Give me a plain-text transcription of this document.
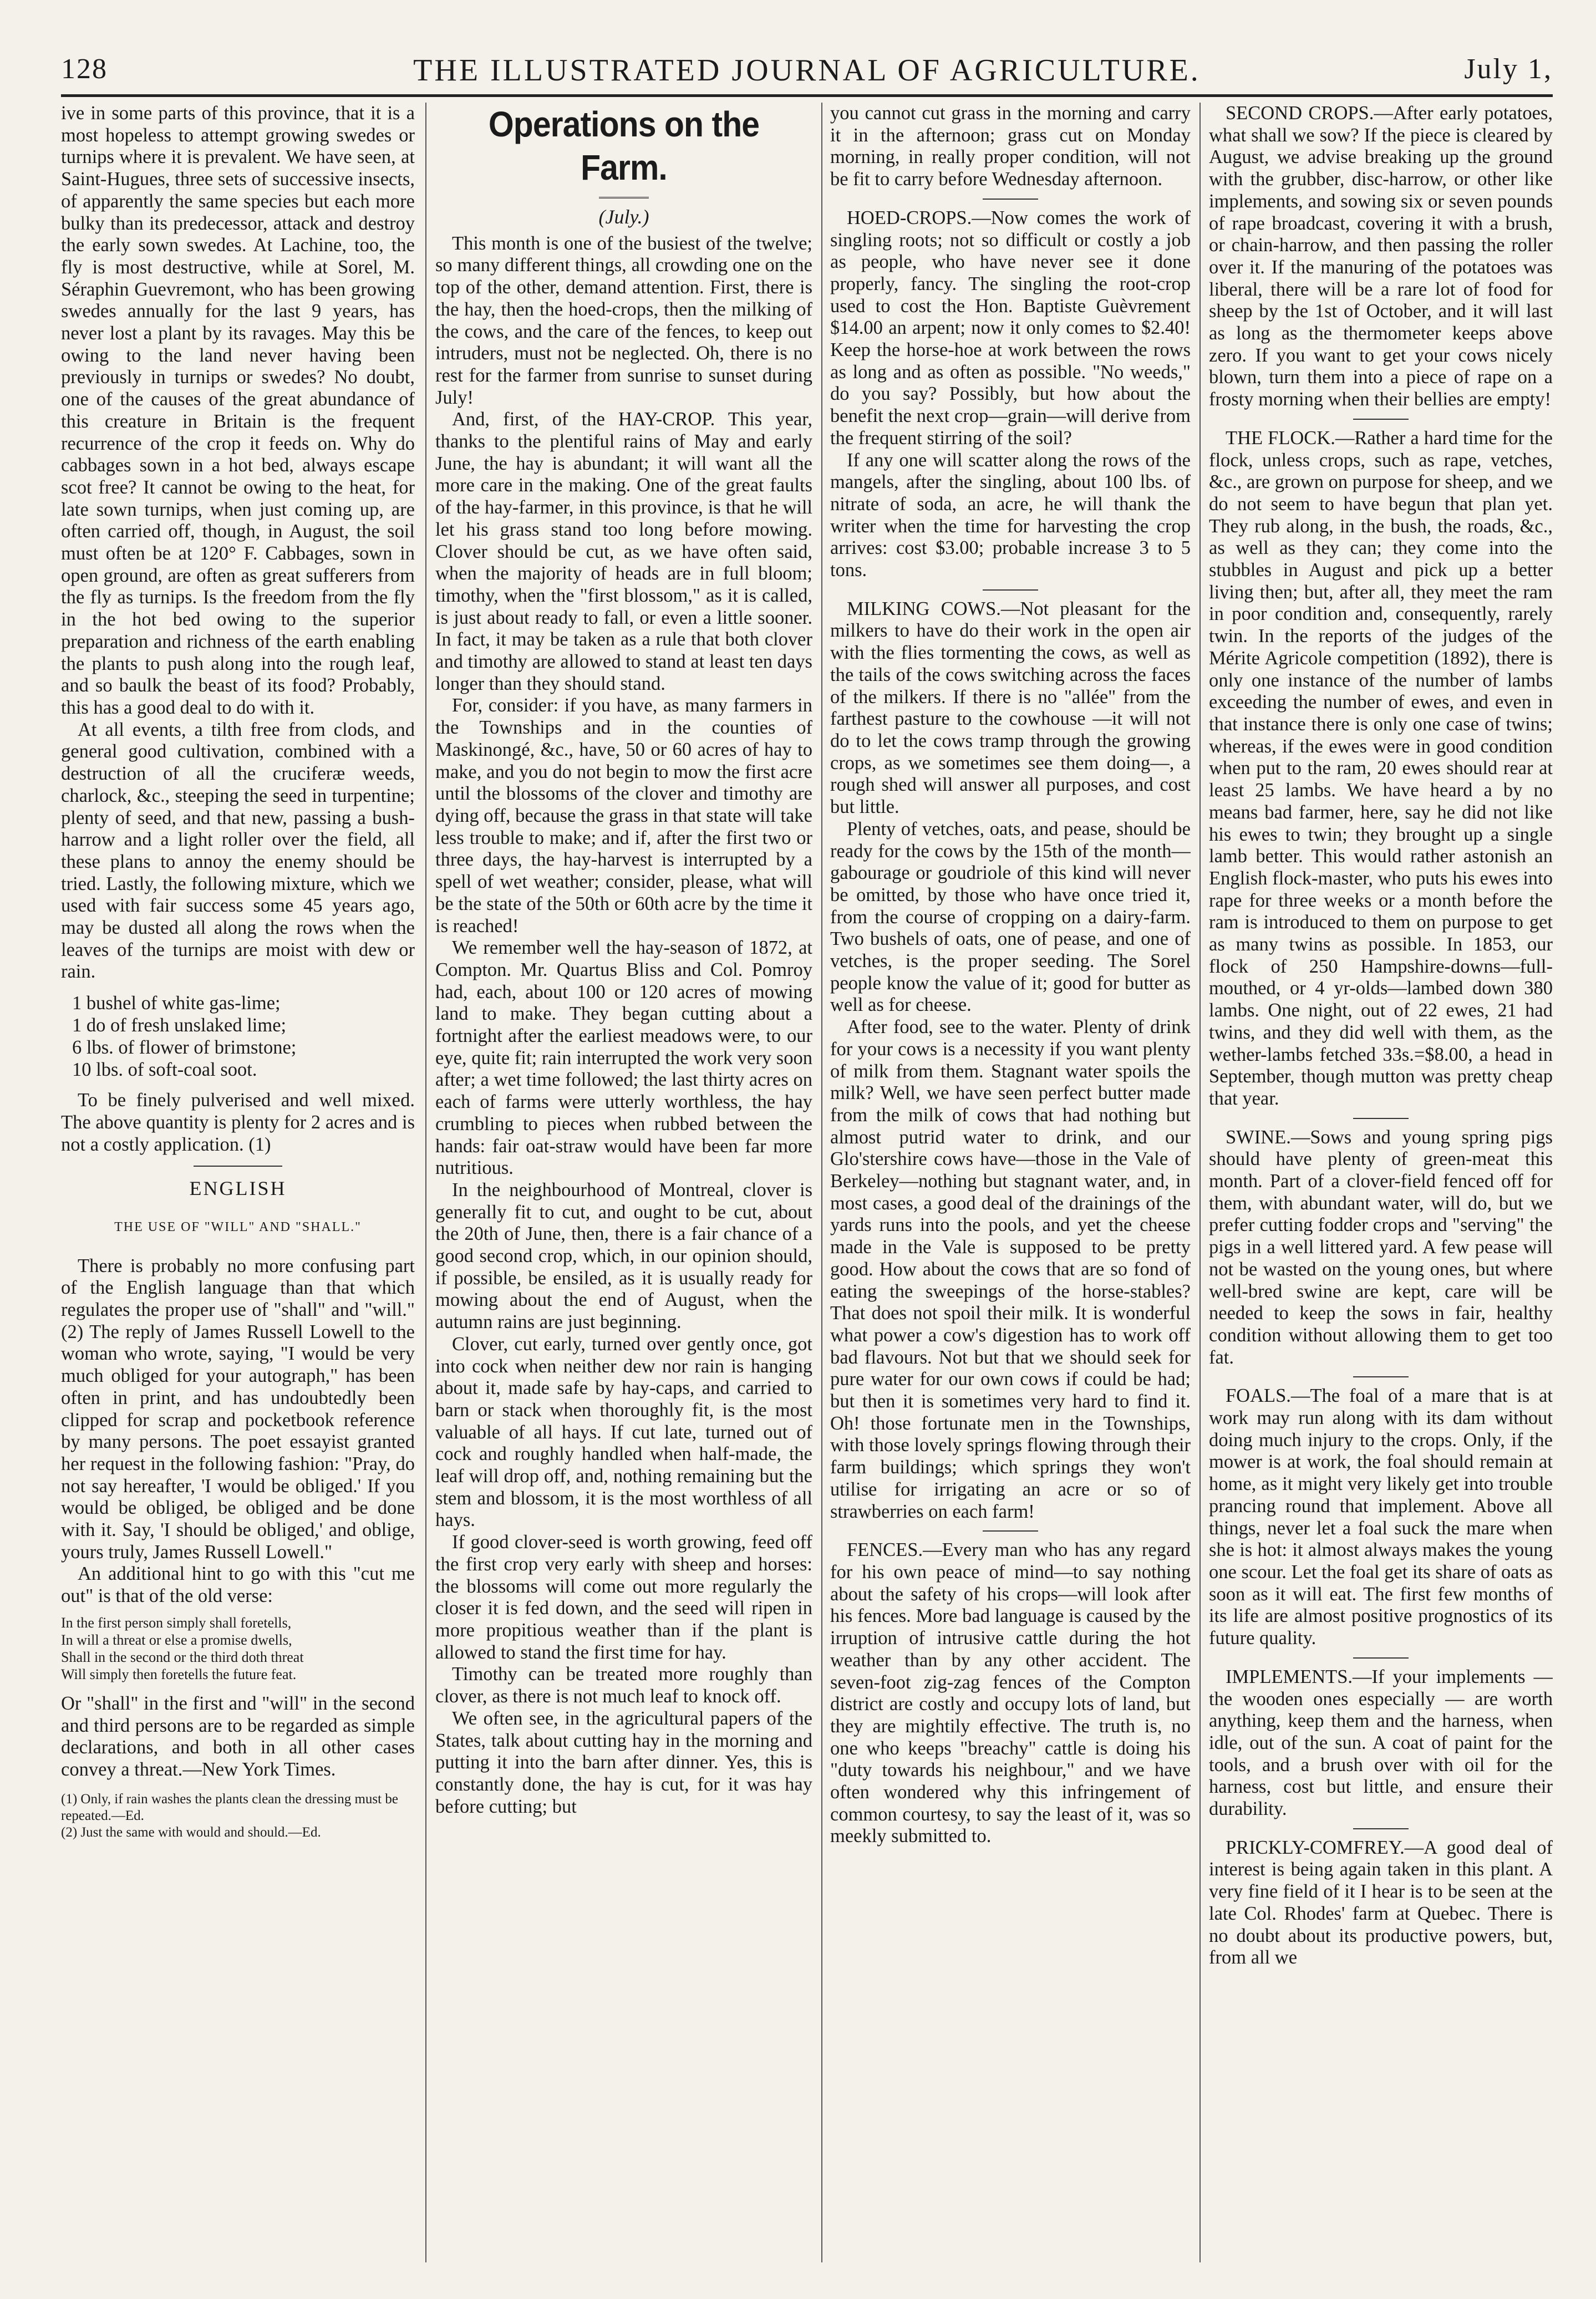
128	THE ILLUSTRATED JOURNAL OF AGRICULTURE.	July 1,

ive in some parts of this province, that it is a most hopeless to attempt growing swedes or turnips where it is prevalent. We have seen, at Saint-Hugues, three sets of successive insects, of apparently the same species but each more bulky than its predecessor, attack and destroy the early sown swedes. At Lachine, too, the fly is most destructive, while at Sorel, M. Séraphin Guevremont, who has been growing swedes annually for the last 9 years, has never lost a plant by its ravages. May this be owing to the land never having been previously in turnips or swedes? No doubt, one of the causes of the great abundance of this creature in Britain is the frequent recurrence of the crop it feeds on. Why do cabbages sown in a hot bed, always escape scot free? It cannot be owing to the heat, for late sown turnips, when just coming up, are often carried off, though, in August, the soil must often be at 120° F. Cabbages, sown in open ground, are often as great sufferers from the fly as turnips. Is the freedom from the fly in the hot bed owing to the superior preparation and richness of the earth enabling the plants to push along into the rough leaf, and so baulk the beast of its food? Probably, this has a good deal to do with it.

At all events, a tilth free from clods, and general good cultivation, combined with a destruction of all the cruciferæ weeds, charlock, &c., steeping the seed in turpentine; plenty of seed, and that new, passing a bush-harrow and a light roller over the field, all these plans to annoy the enemy should be tried. Lastly, the following mixture, which we used with fair success some 45 years ago, may be dusted all along the rows when the leaves of the turnips are moist with dew or rain.

1 bushel of white gas-lime;
1 do of fresh unslaked lime;
6 lbs. of flower of brimstone;
10 lbs. of soft-coal soot.

To be finely pulverised and well mixed. The above quantity is plenty for 2 acres and is not a costly application. (1)

ENGLISH
THE USE OF "WILL" AND "SHALL."

There is probably no more confusing part of the English language than that which regulates the proper use of "shall" and "will." (2) The reply of James Russell Lowell to the woman who wrote, saying, "I would be very much obliged for your autograph," has been often in print, and has undoubtedly been clipped for scrap and pocketbook reference by many persons. The poet essayist granted her request in the following fashion: "Pray, do not say hereafter, 'I would be obliged.' If you would be obliged, be obliged and be done with it. Say, 'I should be obliged,' and oblige, yours truly, James Russell Lowell."

An additional hint to go with this "cut me out" is that of the old verse:

In the first person simply shall foretells,
In will a threat or else a promise dwells,
Shall in the second or the third doth threat
Will simply then foretells the future feat.

Or "shall" in the first and "will" in the second and third persons are to be regarded as simple declarations, and both in all other cases convey a threat.—New York Times.

(1) Only, if rain washes the plants clean the dressing must be repeated.—Ed.
(2) Just the same with would and should.—Ed.
Operations on the Farm.
(July.)

This month is one of the busiest of the twelve; so many different things, all crowding one on the top of the other, demand attention. First, there is the hay, then the hoed-crops, then the milking of the cows, and the care of the fences, to keep out intruders, must not be neglected. Oh, there is no rest for the farmer from sunrise to sunset during July!

And, first, of the HAY-CROP. This year, thanks to the plentiful rains of May and early June, the hay is abundant; it will want all the more care in the making. One of the great faults of the hay-farmer, in this province, is that he will let his grass stand too long before mowing. Clover should be cut, as we have often said, when the majority of heads are in full bloom; timothy, when the "first blossom," as it is called, is just about ready to fall, or even a little sooner. In fact, it may be taken as a rule that both clover and timothy are allowed to stand at least ten days longer than they should stand.

For, consider: if you have, as many farmers in the Townships and in the counties of Maskinongé, &c., have, 50 or 60 acres of hay to make, and you do not begin to mow the first acre until the blossoms of the clover and timothy are dying off, because the grass in that state will take less trouble to make; and if, after the first two or three days, the hay-harvest is interrupted by a spell of wet weather; consider, please, what will be the state of the 50th or 60th acre by the time it is reached!

We remember well the hay-season of 1872, at Compton. Mr. Quartus Bliss and Col. Pomroy had, each, about 100 or 120 acres of mowing land to make. They began cutting about a fortnight after the earliest meadows were, to our eye, quite fit; rain interrupted the work very soon after; a wet time followed; the last thirty acres on each of farms were utterly worthless, the hay crumbling to pieces when rubbed between the hands: fair oat-straw would have been far more nutritious.

In the neighbourhood of Montreal, clover is generally fit to cut, and ought to be cut, about the 20th of June, then, there is a fair chance of a good second crop, which, in our opinion should, if possible, be ensiled, as it is usually ready for mowing about the end of August, when the autumn rains are just beginning.

Clover, cut early, turned over gently once, got into cock when neither dew nor rain is hanging about it, made safe by hay-caps, and carried to barn or stack when thoroughly fit, is the most valuable of all hays. If cut late, turned out of cock and roughly handled when half-made, the leaf will drop off, and, nothing remaining but the stem and blossom, it is the most worthless of all hays.

If good clover-seed is worth growing, feed off the first crop very early with sheep and horses: the blossoms will come out more regularly the closer it is fed down, and the seed will ripen in more propitious weather than if the plant is allowed to stand the first time for hay.

Timothy can be treated more roughly than clover, as there is not much leaf to knock off.

We often see, in the agricultural papers of the States, talk about cutting hay in the morning and putting it into the barn after dinner. Yes, this is constantly done, the hay is cut, for it was hay before cutting; but

you cannot cut grass in the morning and carry it in the afternoon; grass cut on Monday morning, in really proper condition, will not be fit to carry before Wednesday afternoon.

HOED-CROPS.—Now comes the work of singling roots; not so difficult or costly a job as people, who have never see it done properly, fancy. The singling the root-crop used to cost the Hon. Baptiste Guèvrement $14.00 an arpent; now it only comes to $2.40! Keep the horse-hoe at work between the rows as long and as often as possible. "No weeds," do you say? Possibly, but how about the benefit the next crop—grain—will derive from the frequent stirring of the soil?

If any one will scatter along the rows of the mangels, after the singling, about 100 lbs. of nitrate of soda, an acre, he will thank the writer when the time for harvesting the crop arrives: cost $3.00; probable increase 3 to 5 tons.

MILKING COWS.—Not pleasant for the milkers to have do their work in the open air with the flies tormenting the cows, as well as the tails of the cows switching across the faces of the milkers. If there is no "allée" from the farthest pasture to the cowhouse —it will not do to let the cows tramp through the growing crops, as we sometimes see them doing—, a rough shed will answer all purposes, and cost but little.

Plenty of vetches, oats, and pease, should be ready for the cows by the 15th of the month—gabourage or goudriole of this kind will never be omitted, by those who have once tried it, from the course of cropping on a dairy-farm. Two bushels of oats, one of pease, and one of vetches, is the proper seeding. The Sorel people know the value of it; good for butter as well as for cheese.

After food, see to the water. Plenty of drink for your cows is a necessity if you want plenty of milk from them. Stagnant water spoils the milk? Well, we have seen perfect butter made from the milk of cows that had nothing but almost putrid water to drink, and our Glo'stershire cows have—those in the Vale of Berkeley—nothing but stagnant water, and, in most cases, a good deal of the drainings of the yards runs into the pools, and yet the cheese made in the Vale is supposed to be pretty good. How about the cows that are so fond of eating the sweepings of the horse-stables? That does not spoil their milk. It is wonderful what power a cow's digestion has to work off bad flavours. Not but that we should seek for pure water for our own cows if could be had; but then it is sometimes very hard to find it. Oh! those fortunate men in the Townships, with those lovely springs flowing through their farm buildings; which springs they won't utilise for irrigating an acre or so of strawberries on each farm!

FENCES.—Every man who has any regard for his own peace of mind—to say nothing about the safety of his crops—will look after his fences. More bad language is caused by the irruption of intrusive cattle during the hot weather than by any other accident. The seven-foot zig-zag fences of the Compton district are costly and occupy lots of land, but they are mightily effective. The truth is, no one who keeps "breachy" cattle is doing his "duty towards his neighbour," and we have often wondered why this infringement of common courtesy, to say the least of it, was so meekly submitted to.

SECOND CROPS.—After early potatoes, what shall we sow? If the piece is cleared by August, we advise breaking up the ground with the grubber, disc-harrow, or other like implements, and sowing six or seven pounds of rape broadcast, covering it with a brush, or chain-harrow, and then passing the roller over it. If the manuring of the potatoes was liberal, there will be a rare lot of food for sheep by the 1st of October, and it will last as long as the thermometer keeps above zero. If you want to get your cows nicely blown, turn them into a piece of rape on a frosty morning when their bellies are empty!

THE FLOCK.—Rather a hard time for the flock, unless crops, such as rape, vetches, &c., are grown on purpose for sheep, and we do not seem to have begun that plan yet. They rub along, in the bush, the roads, &c., as well as they can; they come into the stubbles in August and pick up a better living then; but, after all, they meet the ram in poor condition and, consequently, rarely twin. In the reports of the judges of the Mérite Agricole competition (1892), there is only one instance of the number of lambs exceeding the number of ewes, and even in that instance there is only one case of twins; whereas, if the ewes were in good condition when put to the ram, 20 ewes should rear at least 25 lambs. We have heard a by no means bad farmer, here, say he did not like his ewes to twin; they brought up a single lamb better. This would rather astonish an English flock-master, who puts his ewes into rape for three weeks or a month before the ram is introduced to them on purpose to get as many twins as possible. In 1853, our flock of 250 Hampshire-downs—full-mouthed, or 4 yr-olds—lambed down 380 lambs. One night, out of 22 ewes, 21 had twins, and they did well with them, as the wether-lambs fetched 33s.=$8.00, a head in September, though mutton was pretty cheap that year.

SWINE.—Sows and young spring pigs should have plenty of green-meat this month. Part of a clover-field fenced off for them, with abundant water, will do, but we prefer cutting fodder crops and "serving" the pigs in a well littered yard. A few pease will not be wasted on the young ones, but where well-bred swine are kept, care will be needed to keep the sows in fair, healthy condition without allowing them to get too fat.

FOALS.—The foal of a mare that is at work may run along with its dam without doing much injury to the crops. Only, if the mower is at work, the foal should remain at home, as it might very likely get into trouble prancing round that implement. Above all things, never let a foal suck the mare when she is hot: it almost always makes the young one scour. Let the foal get its share of oats as soon as it will eat. The first few months of its life are almost positive prognostics of its future quality.

IMPLEMENTS.—If your implements —the wooden ones especially — are worth anything, keep them and the harness, when idle, out of the sun. A coat of paint for the tools, and a brush over with oil for the harness, cost but little, and ensure their durability.

PRICKLY-COMFREY.—A good deal of interest is being again taken in this plant. A very fine field of it I hear is to be seen at the late Col. Rhodes' farm at Quebec. There is no doubt about its productive powers, but, from all we
